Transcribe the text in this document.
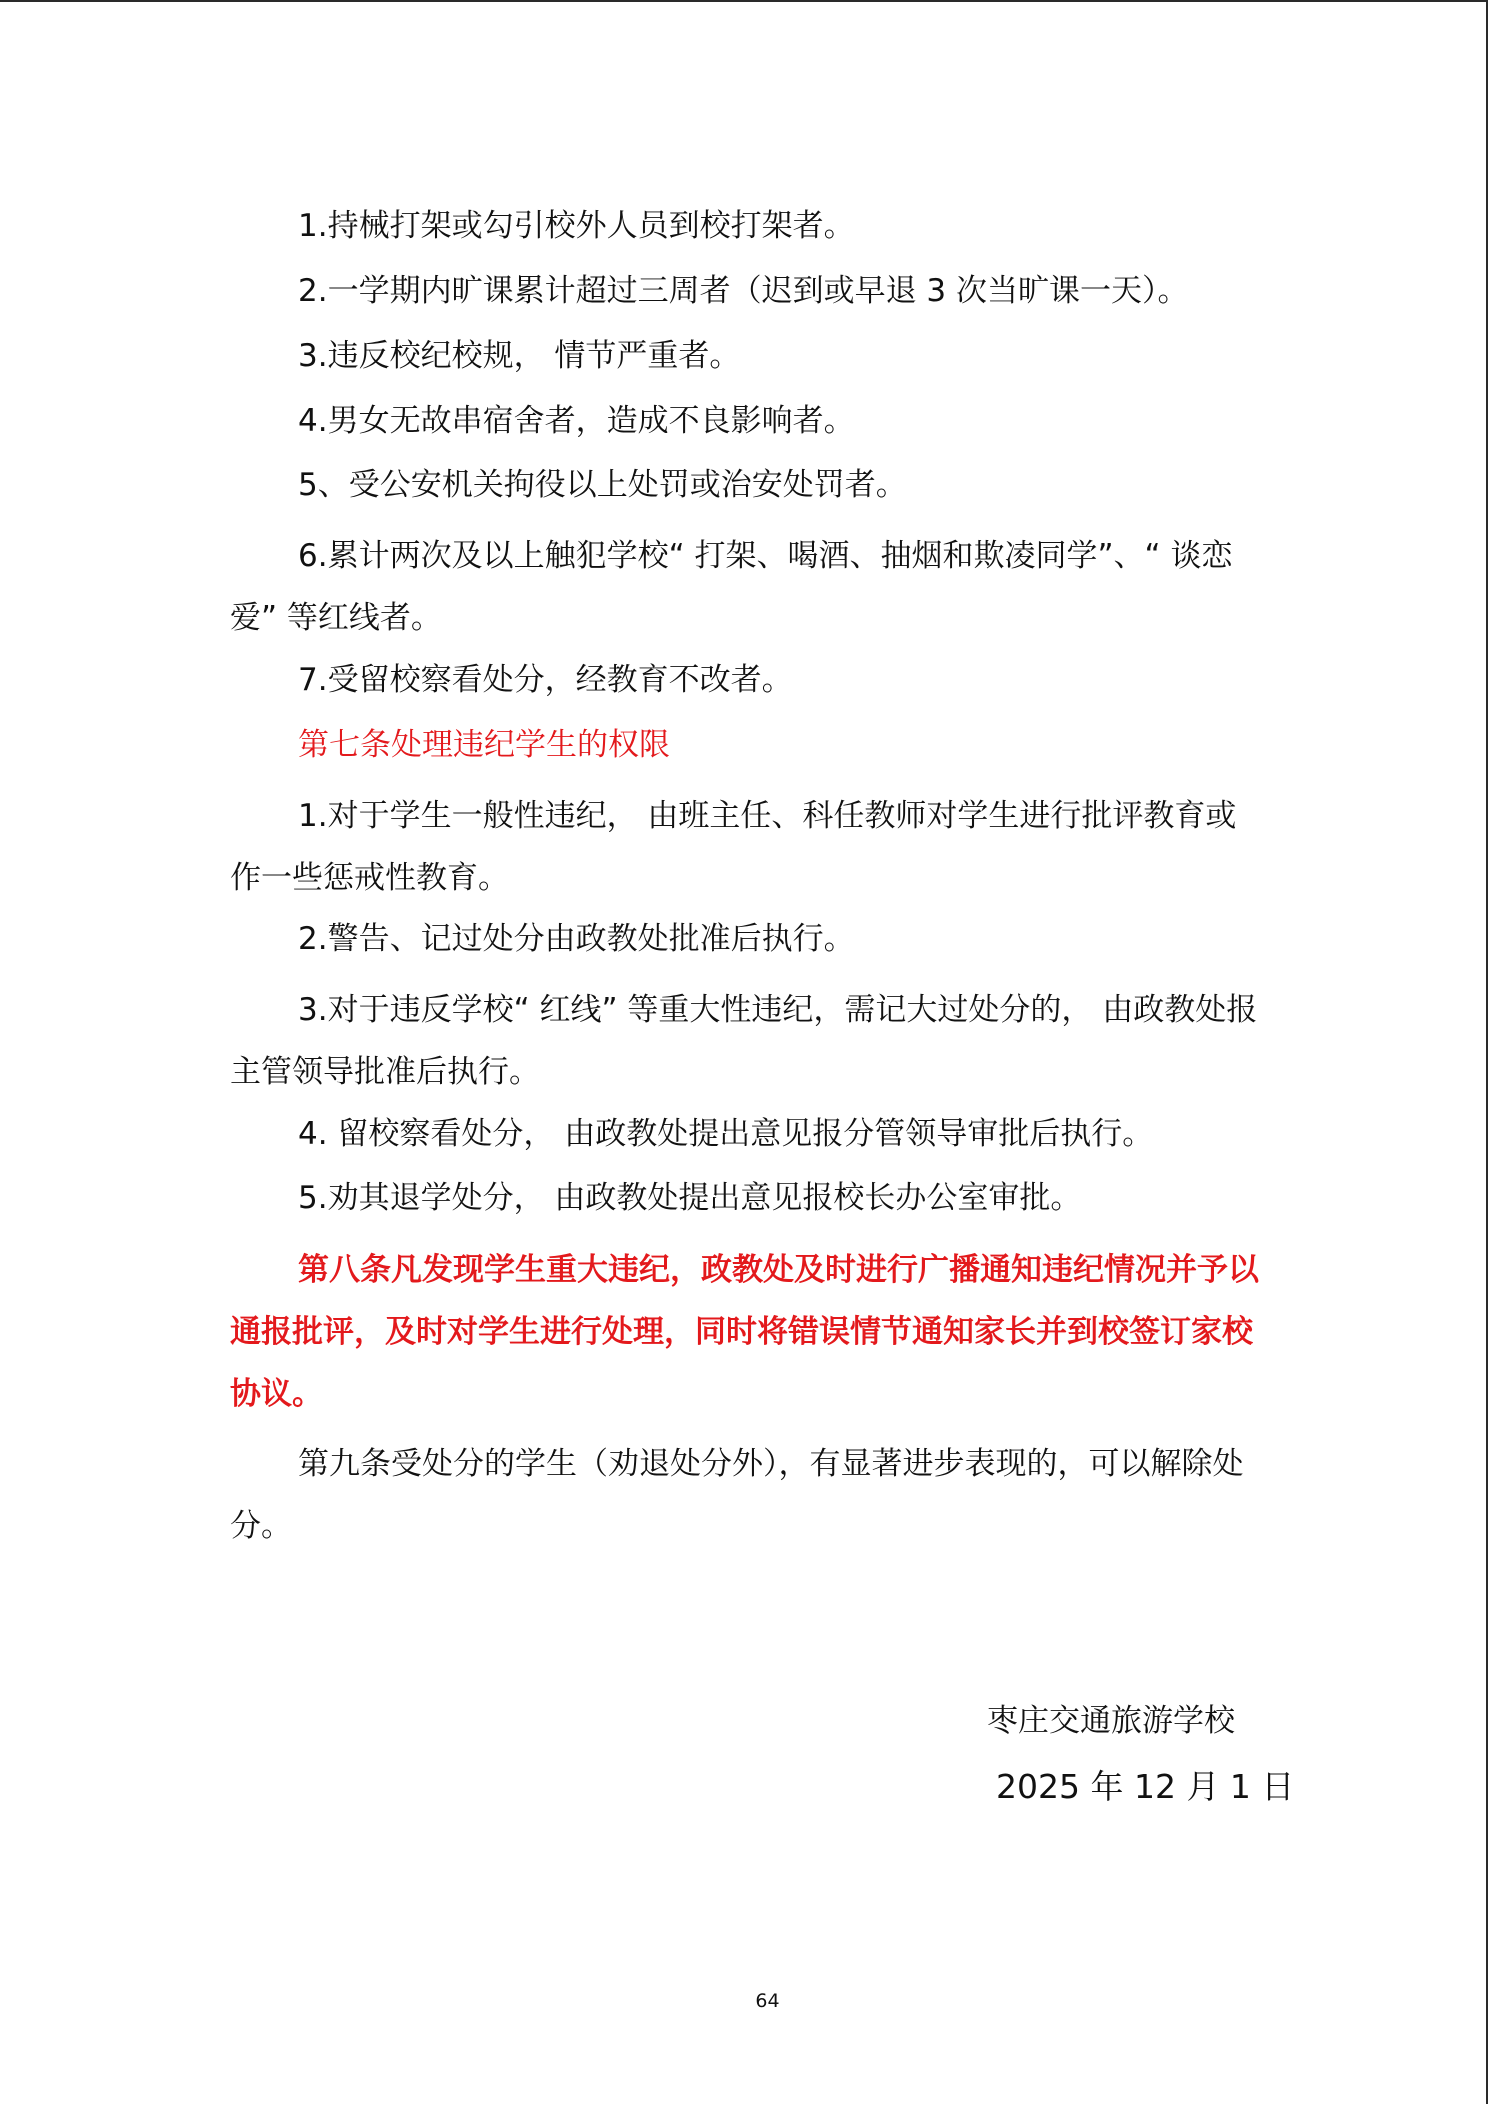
1.持械打架或勾引校外人员到校打架者。

2.一学期内旷课累计超过三周者（迟到或早退 3 次当旷课一天）。

3.违反校纪校规， 情节严重者。

4.男女无故串宿舍者，造成不良影响者。

5、受公安机关拘役以上处罚或治安处罚者。

6.累计两次及以上触犯学校“ 打架、喝酒、抽烟和欺凌同学”、“ 谈恋爱” 等红线者。

7.受留校察看处分，经教育不改者。

第七条处理违纪学生的权限

1.对于学生一般性违纪， 由班主任、科任教师对学生进行批评教育或作一些惩戒性教育。

2.警告、记过处分由政教处批准后执行。

3.对于违反学校“ 红线” 等重大性违纪，需记大过处分的， 由政教处报主管领导批准后执行。

4. 留校察看处分， 由政教处提出意见报分管领导审批后执行。

5.劝其退学处分， 由政教处提出意见报校长办公室审批。

第八条凡发现学生重大违纪，政教处及时进行广播通知违纪情况并予以通报批评，及时对学生进行处理，同时将错误情节通知家长并到校签订家校协议。

第九条受处分的学生（劝退处分外），有显著进步表现的，可以解除处分。

枣庄交通旅游学校
2025 年 12 月 1 日
64
